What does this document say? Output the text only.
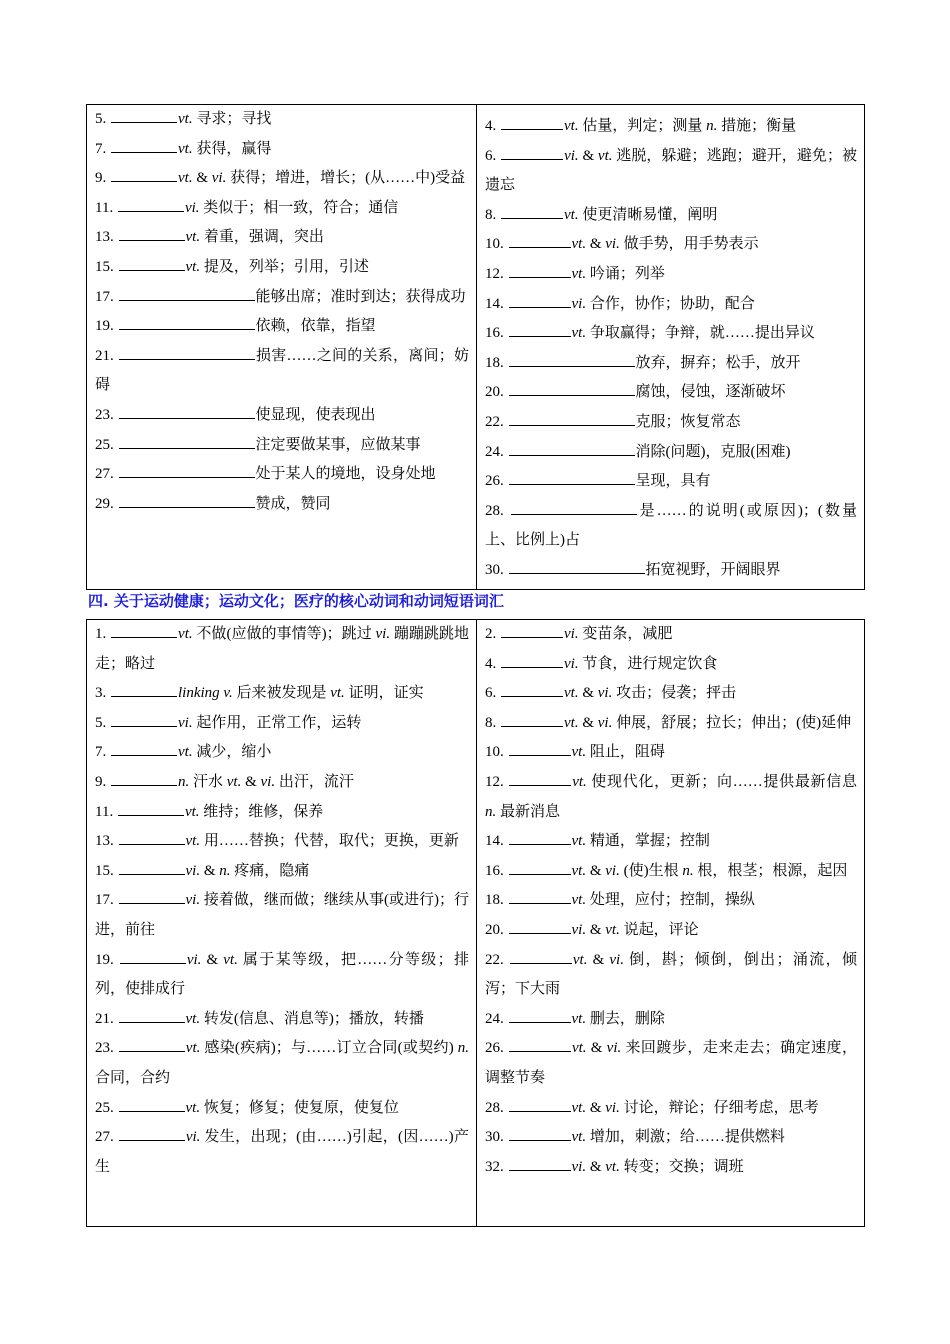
5.	vt. 寻求；寻找
7.	vt. 获得，赢得
9.	vt. & vi. 获得；增进，增长；(从……中)受益
11.	vi. 类似于；相一致，符合；通信
13.	vt. 着重，强调，突出
15.	vt. 提及，列举；引用，引述
17.	能够出席；准时到达；获得成功
19.	依赖，依靠，指望
21.	损害……之间的关系，离间；妨碍
23.	使显现，使表现出
25.	注定要做某事，应做某事
27.	处于某人的境地，设身处地
29.	赞成，赞同
4.	vt. 估量，判定；测量 n. 措施；衡量
6.	vi. & vt. 逃脱，躲避；逃跑；避开，避免；被遗忘
8.	vt. 使更清晰易懂，阐明
10.	vt. & vi. 做手势，用手势表示
12.	vt. 吟诵；列举
14.	vi. 合作，协作；协助，配合
16.	vt. 争取赢得；争辩，就……提出异议
18.	放弃，摒弃；松手，放开
20.	腐蚀，侵蚀，逐渐破坏
22.	克服；恢复常态
24.	消除(问题)，克服(困难)
26.	呈现，具有
28.	是……的说明(或原因)；(数量上、比例上)占
30.	拓宽视野，开阔眼界
四. 关于运动健康；运动文化；医疗的核心动词和动词短语词汇
1.	vt. 不做(应做的事情等)；跳过 vi. 蹦蹦跳跳地走；略过
3.	linking v. 后来被发现是 vt. 证明，证实
5.	vi. 起作用，正常工作，运转
7.	vt. 减少，缩小
9.	n. 汗水 vt. & vi. 出汗，流汗
11.	vt. 维持；维修，保养
13.	vt. 用……替换；代替，取代；更换，更新
15.	vi. & n. 疼痛，隐痛
17.	vi. 接着做，继而做；继续从事(或进行)；行进，前往
19.	vi. & vt. 属于某等级，把……分等级；排列，使排成行
21.	vt. 转发(信息、消息等)；播放，转播
23.	vt. 感染(疾病)；与……订立合同(或契约) n. 合同，合约
25.	vt. 恢复；修复；使复原，使复位
27.	vi. 发生，出现；(由……)引起，(因……)产生
2.	vi. 变苗条，减肥
4.	vi. 节食，进行规定饮食
6.	vt. & vi. 攻击；侵袭；抨击
8.	vt. & vi. 伸展，舒展；拉长；伸出；(使)延伸
10.	vt. 阻止，阻碍
12.	vt. 使现代化，更新；向……提供最新信息 n. 最新消息
14.	vt. 精通，掌握；控制
16.	vt. & vi. (使)生根 n. 根，根茎；根源，起因
18.	vt. 处理，应付；控制，操纵
20.	vi. & vt. 说起，评论
22.	vt. & vi. 倒，斟；倾倒，倒出；涌流，倾泻；下大雨
24.	vt. 删去，删除
26.	vt. & vi. 来回踱步，走来走去；确定速度，调整节奏
28.	vt. & vi. 讨论，辩论；仔细考虑，思考
30.	vt. 增加，刺激；给……提供燃料
32.	vi. & vt. 转变；交换；调班
